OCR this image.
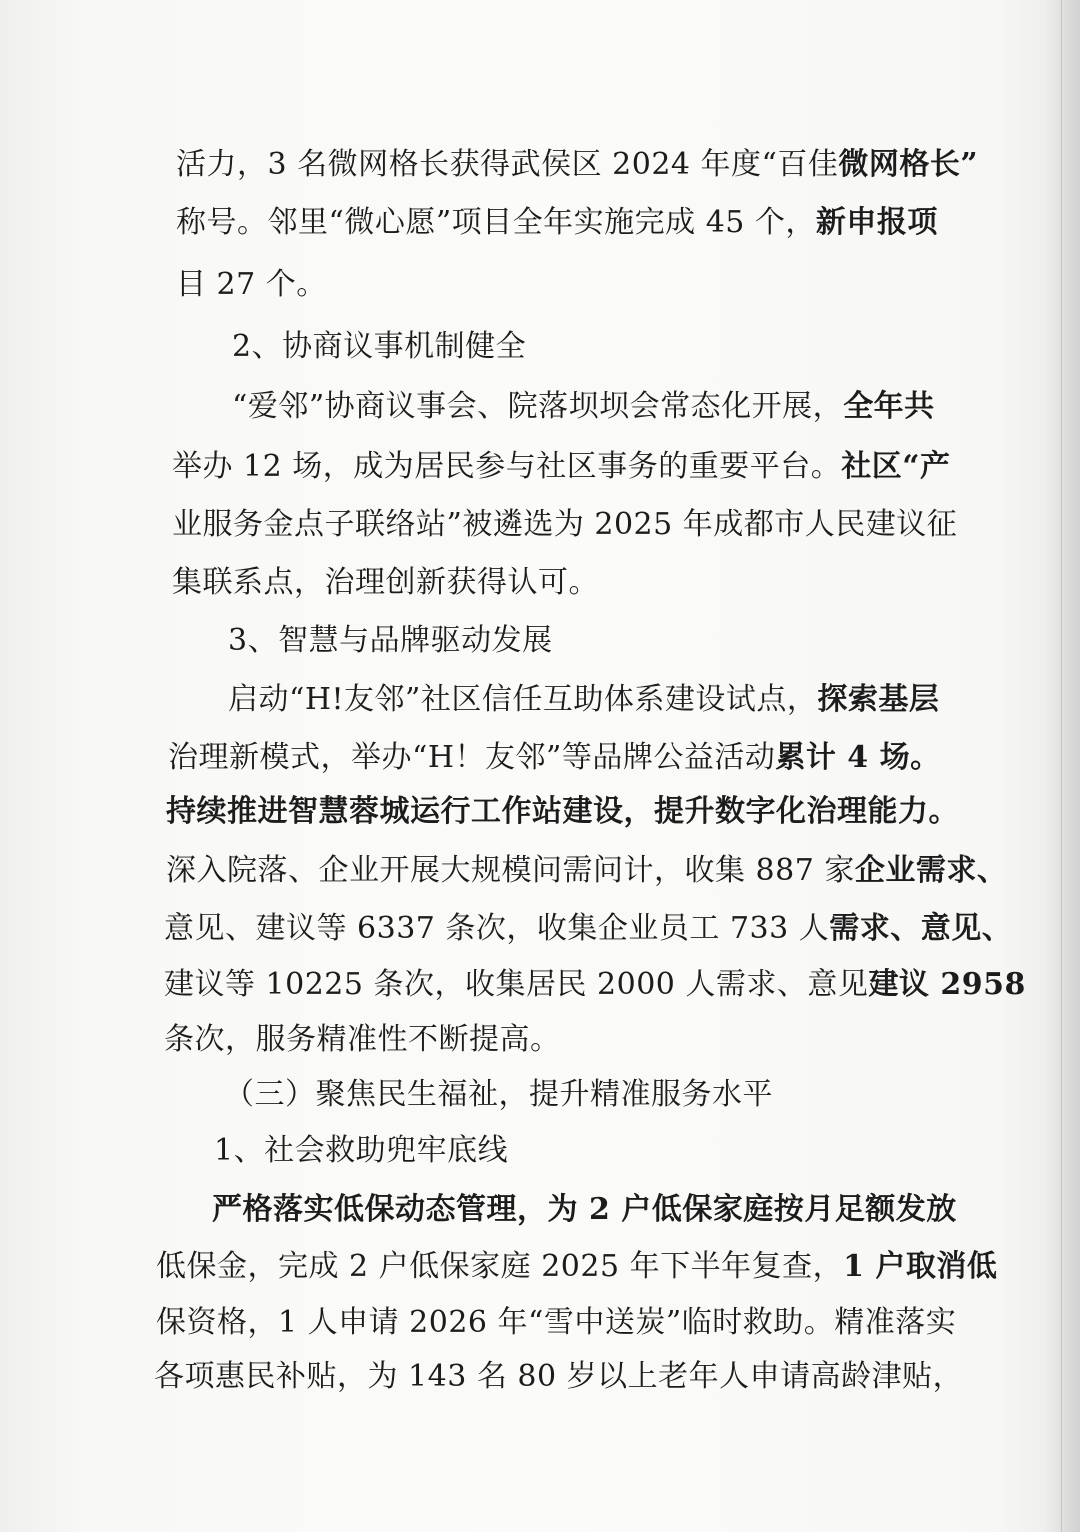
活力，3 名微网格长获得武侯区 2024 年度“百佳微网格长”
称号。邻里“微心愿”项目全年实施完成 45 个，新申报项
目 27 个。
2、协商议事机制健全
“爱邻”协商议事会、院落坝坝会常态化开展，全年共
举办 12 场，成为居民参与社区事务的重要平台。社区“产
业服务金点子联络站”被遴选为 2025 年成都市人民建议征
集联系点，治理创新获得认可。
3、智慧与品牌驱动发展
启动“H!友邻”社区信任互助体系建设试点，探索基层
治理新模式，举办“H！友邻”等品牌公益活动累计 4 场。
持续推进智慧蓉城运行工作站建设，提升数字化治理能力。
深入院落、企业开展大规模问需问计，收集 887 家企业需求、
意见、建议等 6337 条次，收集企业员工 733 人需求、意见、
建议等 10225 条次，收集居民 2000 人需求、意见建议 2958
条次，服务精准性不断提高。
（三）聚焦民生福祉，提升精准服务水平
1、社会救助兜牢底线
严格落实低保动态管理，为 2 户低保家庭按月足额发放
低保金，完成 2 户低保家庭 2025 年下半年复查，1 户取消低
保资格，1 人申请 2026 年“雪中送炭”临时救助。精准落实
各项惠民补贴，为 143 名 80 岁以上老年人申请高龄津贴，
